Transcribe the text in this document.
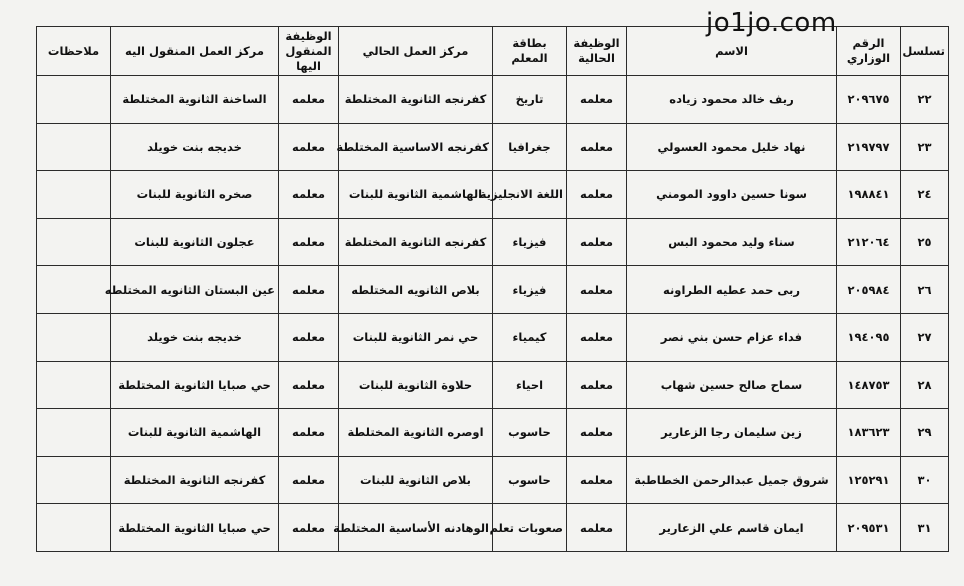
jo1jo.com
تسلسل	الرقم الوزاري	الاسم	الوظيفة الحالية	بطاقة المعلم	مركز العمل الحالي	الوظيفة المنقول اليها	مركز العمل المنقول اليه	ملاحظات
٢٢	٢٠٩٦٧٥	ريف خالد محمود زياده	معلمه	تاريخ	كفرنجه الثانوية المختلطة	معلمه	الساخنة الثانوية المختلطة	
٢٣	٢١٩٧٩٧	نهاد خليل محمود العسولي	معلمه	جغرافيا	كفرنجه الاساسية المختلطة	معلمه	خديجه بنت خويلد	
٢٤	١٩٨٨٤١	سونا حسين داوود المومني	معلمه	اللغة الانجليزية	الهاشمية الثانوية للبنات	معلمه	صخره الثانوية للبنات	
٢٥	٢١٢٠٦٤	سناء وليد محمود البس	معلمه	فيزياء	كفرنجه الثانوية المختلطة	معلمه	عجلون الثانوية للبنات	
٢٦	٢٠٥٩٨٤	ربى حمد عطيه الطراونه	معلمه	فيزياء	بلاص الثانويه المختلطه	معلمه	عين البستان الثانويه المختلطه	
٢٧	١٩٤٠٩٥	فداء عزام حسن بني نصر	معلمه	كيمياء	حي نمر الثانوية للبنات	معلمه	خديجه بنت خويلد	
٢٨	١٤٨٧٥٣	سماح صالح حسين شهاب	معلمه	احياء	حلاوة الثانوية للبنات	معلمه	حي صبايا الثانوية المختلطة	
٢٩	١٨٣٦٢٣	زين سليمان رجا الزعارير	معلمه	حاسوب	اوصره الثانوية المختلطة	معلمه	الهاشمية الثانوية للبنات	
٣٠	١٢٥٢٩١	شروق جميل عبدالرحمن الخطاطبة	معلمه	حاسوب	بلاص الثانوية للبنات	معلمه	كفرنجه الثانوية المختلطة	
٣١	٢٠٩٥٣١	ايمان قاسم علي الزعارير	معلمه	صعوبات تعلم	الوهادنه الأساسية المختلطة	معلمه	حي صبايا الثانوية المختلطة	
